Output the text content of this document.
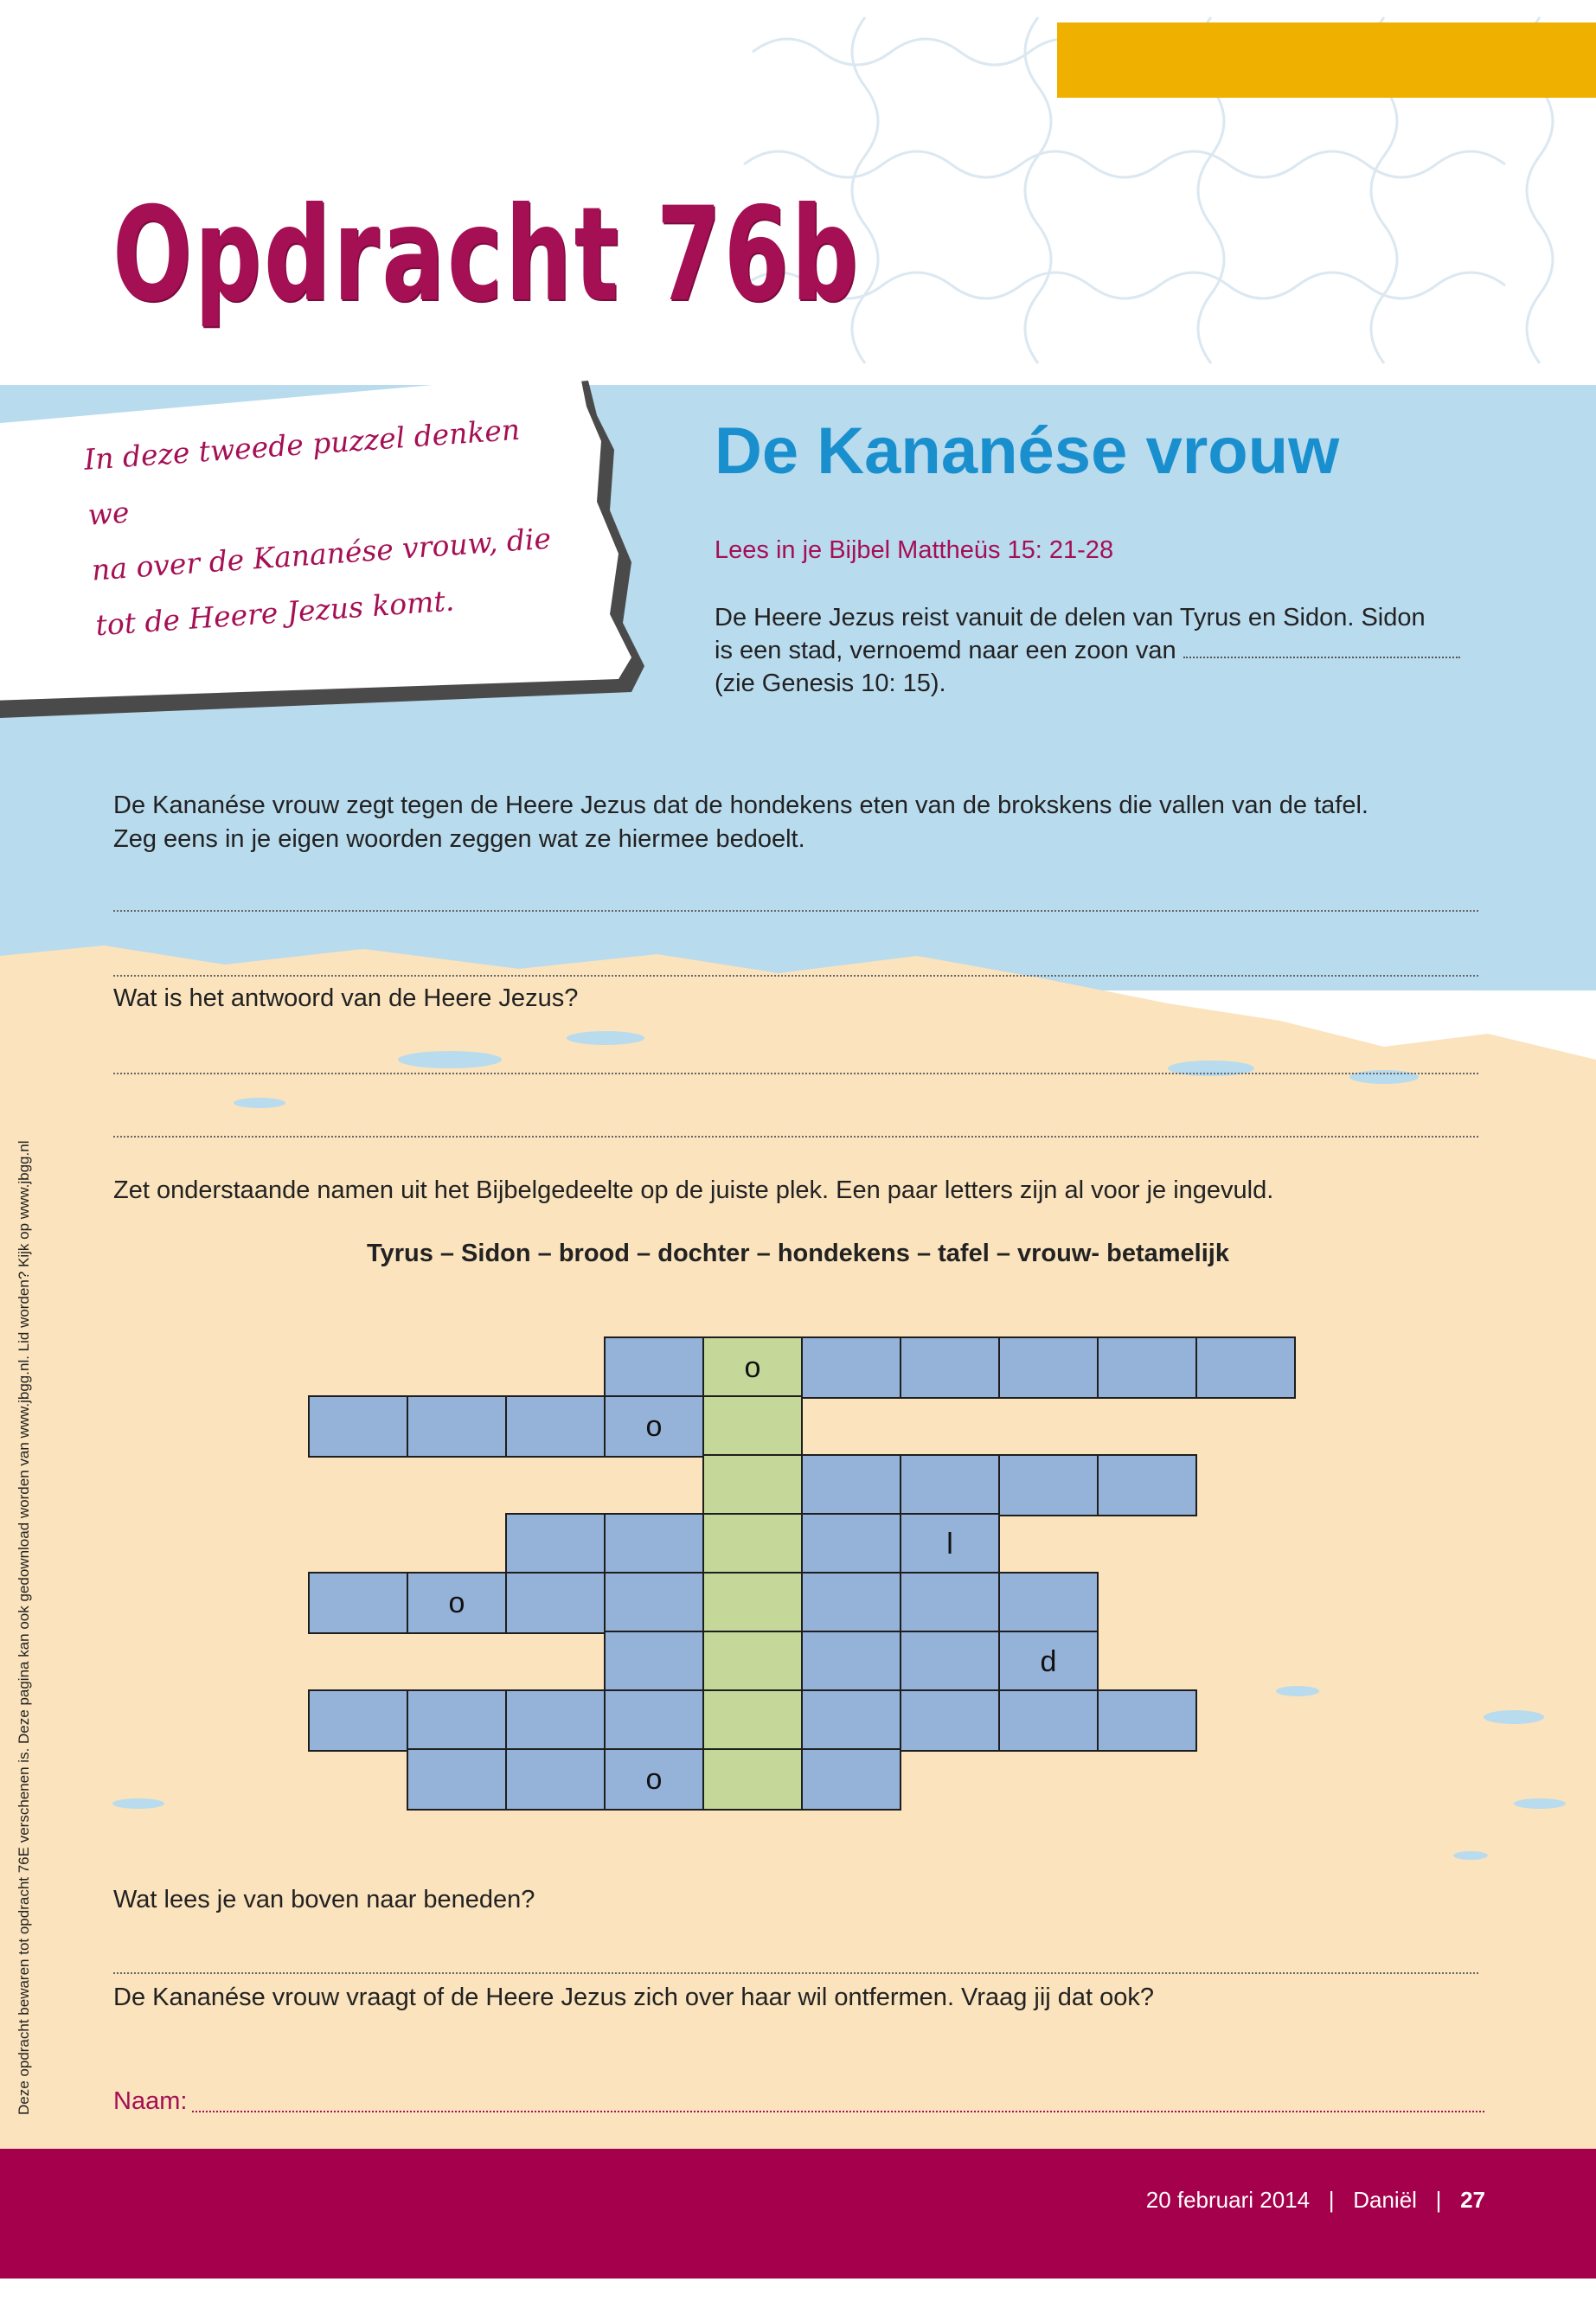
Opdracht 76b
In deze tweede puzzel denken we
na over de Kananése vrouw, die
tot de Heere Jezus komt.
De Kananése vrouw
Lees in je Bijbel Mattheüs 15: 21-28
De Heere Jezus reist vanuit de delen van Tyrus en Sidon. Sidon
is een stad, vernoemd naar een zoon van
(zie Genesis 10: 15).
De Kananése vrouw zegt tegen de Heere Jezus dat de hondekens eten van de brokskens die vallen van de tafel.
Zeg eens in je eigen woorden zeggen wat ze hiermee bedoelt.
Wat is het antwoord van de Heere Jezus?
Zet onderstaande namen uit het Bijbelgedeelte op de juiste plek. Een paar letters zijn al voor je ingevuld.
Tyrus – Sidon – brood – dochter – hondekens – tafel – vrouw- betamelijk
o
o
l
o
d
o
Wat lees je van boven naar beneden?
De Kananése vrouw vraagt of de Heere Jezus zich over haar wil ontfermen. Vraag jij dat ook?
Naam:
20 februari 2014   |   Daniël   |   27
Deze opdracht bewaren tot opdracht 76E verschenen is. Deze pagina kan ook gedownload worden van www.jbgg.nl. Lid worden? Kijk op www.jbgg.nl
